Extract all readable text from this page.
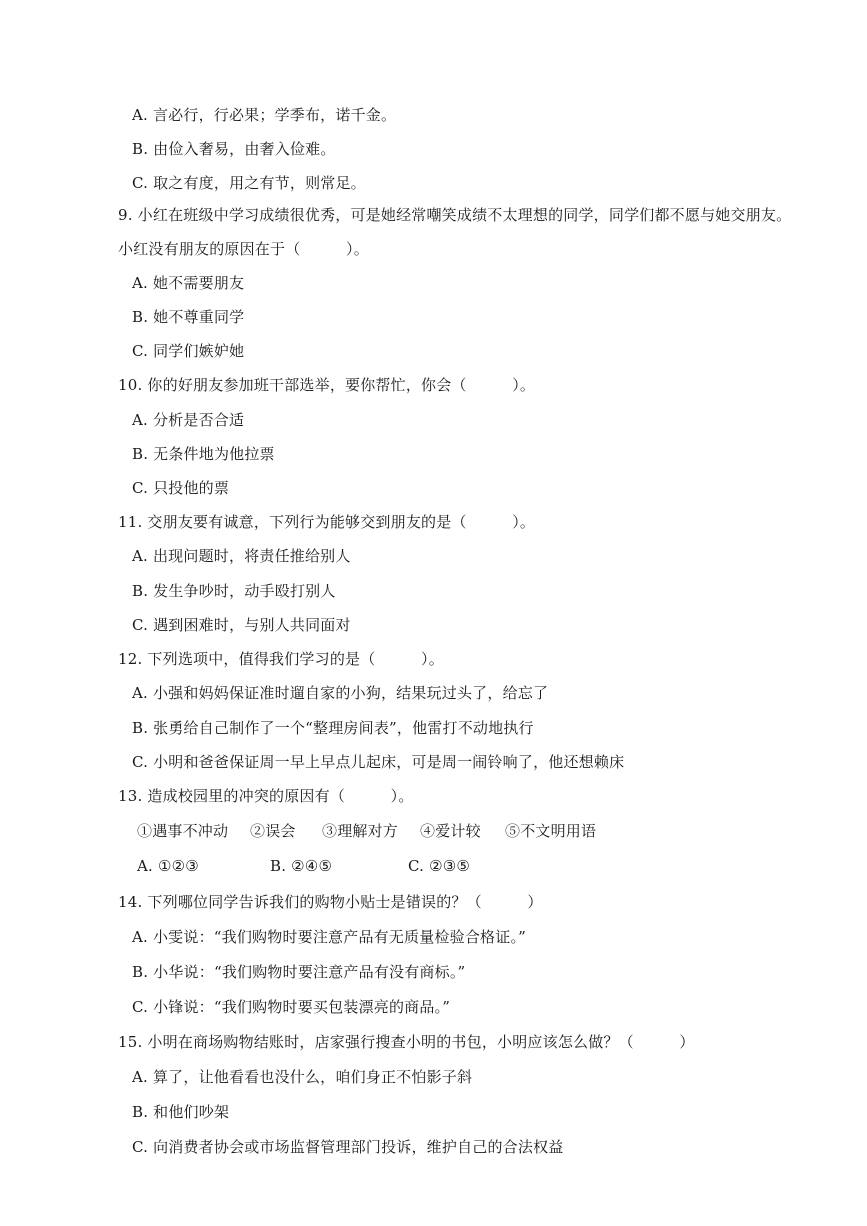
A. 言必行，行必果；学季布，诺千金。
B. 由俭入奢易，由奢入俭难。
C. 取之有度，用之有节，则常足。
9. 小红在班级中学习成绩很优秀，可是她经常嘲笑成绩不太理想的同学，同学们都不愿与她交朋友。
小红没有朋友的原因在于（　　　）。
A. 她不需要朋友
B. 她不尊重同学
C. 同学们嫉妒她
10. 你的好朋友参加班干部选举，要你帮忙，你会（　　　）。
A. 分析是否合适
B. 无条件地为他拉票
C. 只投他的票
11. 交朋友要有诚意，下列行为能够交到朋友的是（　　　）。
A. 出现问题时，将责任推给别人
B. 发生争吵时，动手殴打别人
C. 遇到困难时，与别人共同面对
12. 下列选项中，值得我们学习的是（　　　）。
A. 小强和妈妈保证准时遛自家的小狗，结果玩过头了，给忘了
B. 张勇给自己制作了一个“整理房间表”，他雷打不动地执行
C. 小明和爸爸保证周一早上早点儿起床，可是周一闹铃响了，他还想赖床
13. 造成校园里的冲突的原因有（　　　）。
①遇事不冲动 ②误会 ③理解对方 ④爱计较 ⑤不文明用语
A. ①②③	B. ②④⑤	C. ②③⑤
14. 下列哪位同学告诉我们的购物小贴士是错误的？（　　　）
A. 小雯说：“我们购物时要注意产品有无质量检验合格证。”
B. 小华说：“我们购物时要注意产品有没有商标。”
C. 小锋说：“我们购物时要买包装漂亮的商品。”
15. 小明在商场购物结账时，店家强行搜查小明的书包，小明应该怎么做？（　　　）
A. 算了，让他看看也没什么，咱们身正不怕影子斜
B. 和他们吵架
C. 向消费者协会或市场监督管理部门投诉，维护自己的合法权益
